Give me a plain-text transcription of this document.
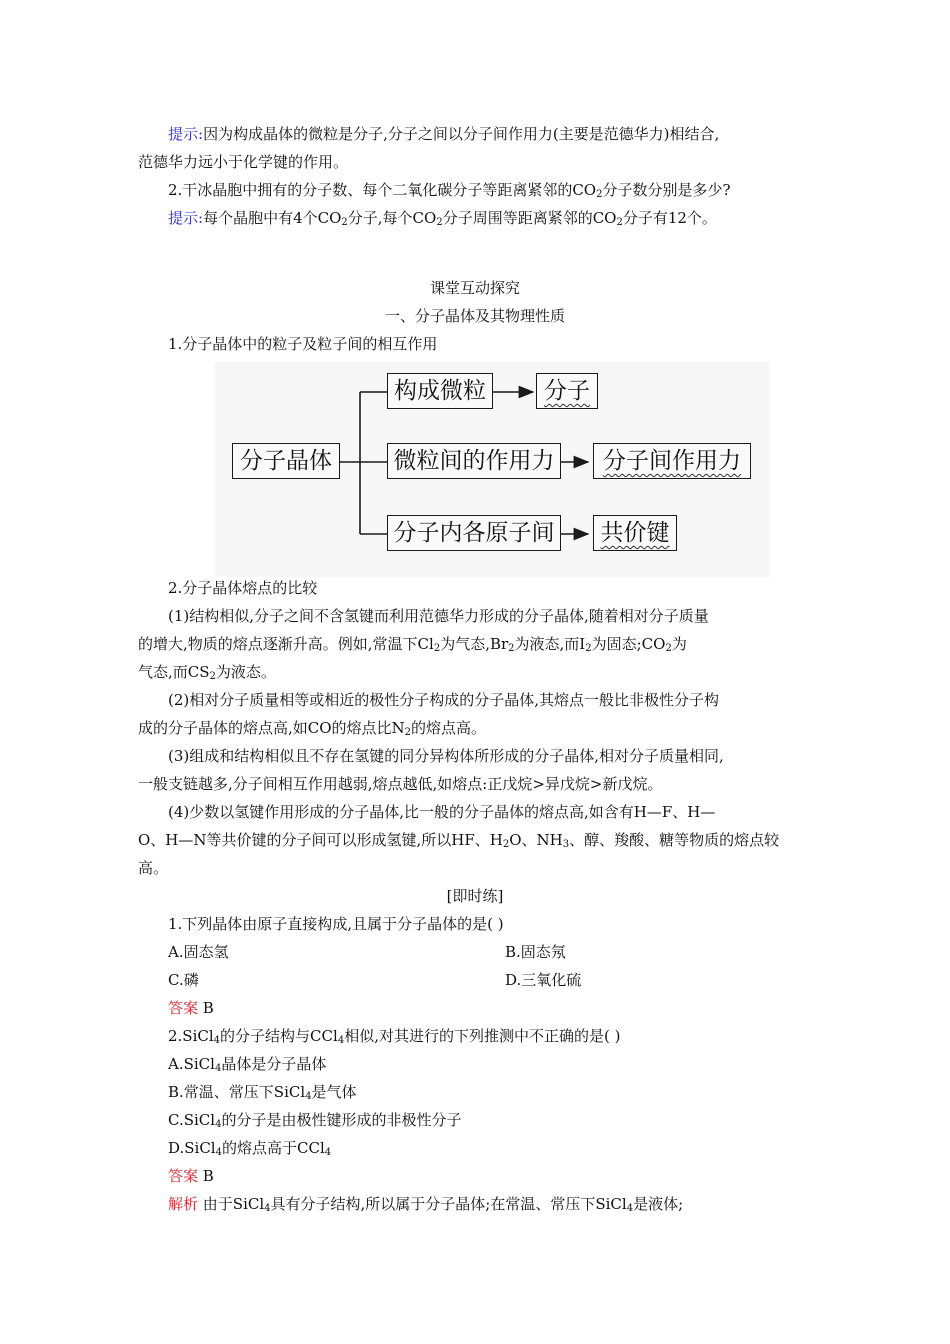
提示:因为构成晶体的微粒是分子,分子之间以分子间作用力(主要是范德华力)相结合,
范德华力远小于化学键的作用。
2.干冰晶胞中拥有的分子数、每个二氧化碳分子等距离紧邻的$CO_2$分子数分别是多少?
提示:每个晶胞中有4个$CO_2$分子,每个$CO_2$分子周围等距离紧邻的$CO_2$分子有12个。
课堂互动探究
一、分子晶体及其物理性质
1.分子晶体中的粒子及粒子间的相互作用
分子晶体
构成微粒
微粒间的作用力
分子内各原子间
分子
分子间作用力
共价键
2.分子晶体熔点的比较
(1)结构相似,分子之间不含氢键而利用范德华力形成的分子晶体,随着相对分子质量
的增大,物质的熔点逐渐升高。例如,常温下$Cl_2$为气态$,Br_2$为液态,而$I_2$为固态$;CO_2$为
气态,而$CS_2$为液态。
(2)相对分子质量相等或相近的极性分子构成的分子晶体,其熔点一般比非极性分子构
成的分子晶体的熔点高,如CO的熔点比$N_2$的熔点高。
(3)组成和结构相似且不存在氢键的同分异构体所形成的分子晶体,相对分子质量相同,
一般支链越多,分子间相互作用越弱,熔点越低,如熔点:正戊烷>异戊烷>新戊烷。
(4)少数以氢键作用形成的分子晶体,比一般的分子晶体的熔点高,如含有H—F、H—
O、H—N等共价键的分子间可以形成氢键,所以HF、$H_2O$、$NH_3$、醇、羧酸、糖等物质的熔点较
高。
[即时练]
1.下列晶体由原子直接构成,且属于分子晶体的是( )
A.固态氢	B.固态氖
C.磷	D.三氧化硫
答案 B
2.SiCl$_4$的分子结构与CCl$_4$相似,对其进行的下列推测中不正确的是( )
A.SiCl$_4$晶体是分子晶体
B.常温、常压下SiCl$_4$是气体
C.SiCl$_4$的分子是由极性键形成的非极性分子
D.SiCl$_4$的熔点高于CCl$_4$
答案 B
解析 由于SiCl$_4$具有分子结构,所以属于分子晶体;在常温、常压下SiCl$_4$是液体;
